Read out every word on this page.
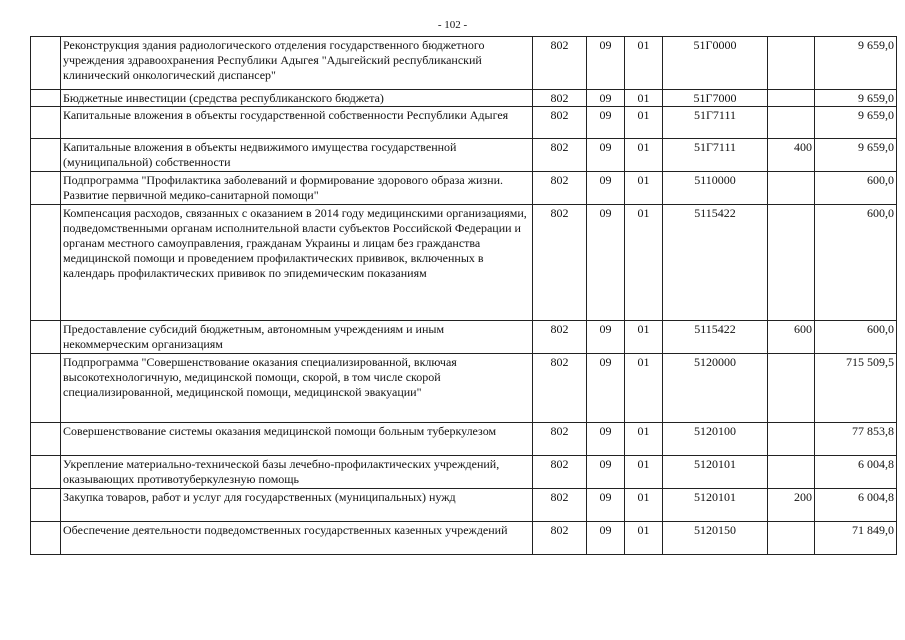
- 102 -
	Реконструкция здания радиологического отделения государственного бюджетного учреждения здравоохранения Республики Адыгея "Адыгейский республиканский клинический онкологический диспансер"	802	09	01	51Г0000		9 659,0
	Бюджетные инвестиции (средства республиканского бюджета)	802	09	01	51Г7000		9 659,0
	Капитальные вложения в объекты государственной собственности Республики Адыгея	802	09	01	51Г7111		9 659,0
	Капитальные вложения в объекты недвижимого имущества государственной (муниципальной) собственности	802	09	01	51Г7111	400	9 659,0
	Подпрограмма "Профилактика заболеваний и формирование здорового образа жизни. Развитие первичной медико-санитарной помощи"	802	09	01	5110000		600,0
	Компенсация расходов, связанных с оказанием в 2014 году медицинскими организациями, подведомственными органам исполнительной власти субъектов Российской Федерации и органам местного самоуправления, гражданам Украины и лицам без гражданства медицинской помощи и проведением профилактических прививок, включенных в календарь профилактических прививок по эпидемическим показаниям	802	09	01	5115422		600,0
	Предоставление субсидий бюджетным, автономным учреждениям и иным некоммерческим организациям	802	09	01	5115422	600	600,0
	Подпрограмма "Совершенствование оказания специализированной, включая высокотехнологичную, медицинской помощи, скорой, в том числе скорой специализированной, медицинской помощи, медицинской эвакуации"	802	09	01	5120000		715 509,5
	Совершенствование системы оказания медицинской помощи больным туберкулезом	802	09	01	5120100		77 853,8
	Укрепление материально-технической базы лечебно-профилактических учреждений, оказывающих противотуберкулезную помощь	802	09	01	5120101		6 004,8
	Закупка товаров, работ и услуг для государственных (муниципальных) нужд	802	09	01	5120101	200	6 004,8
	Обеспечение деятельности подведомственных государственных казенных учреждений	802	09	01	5120150		71 849,0
